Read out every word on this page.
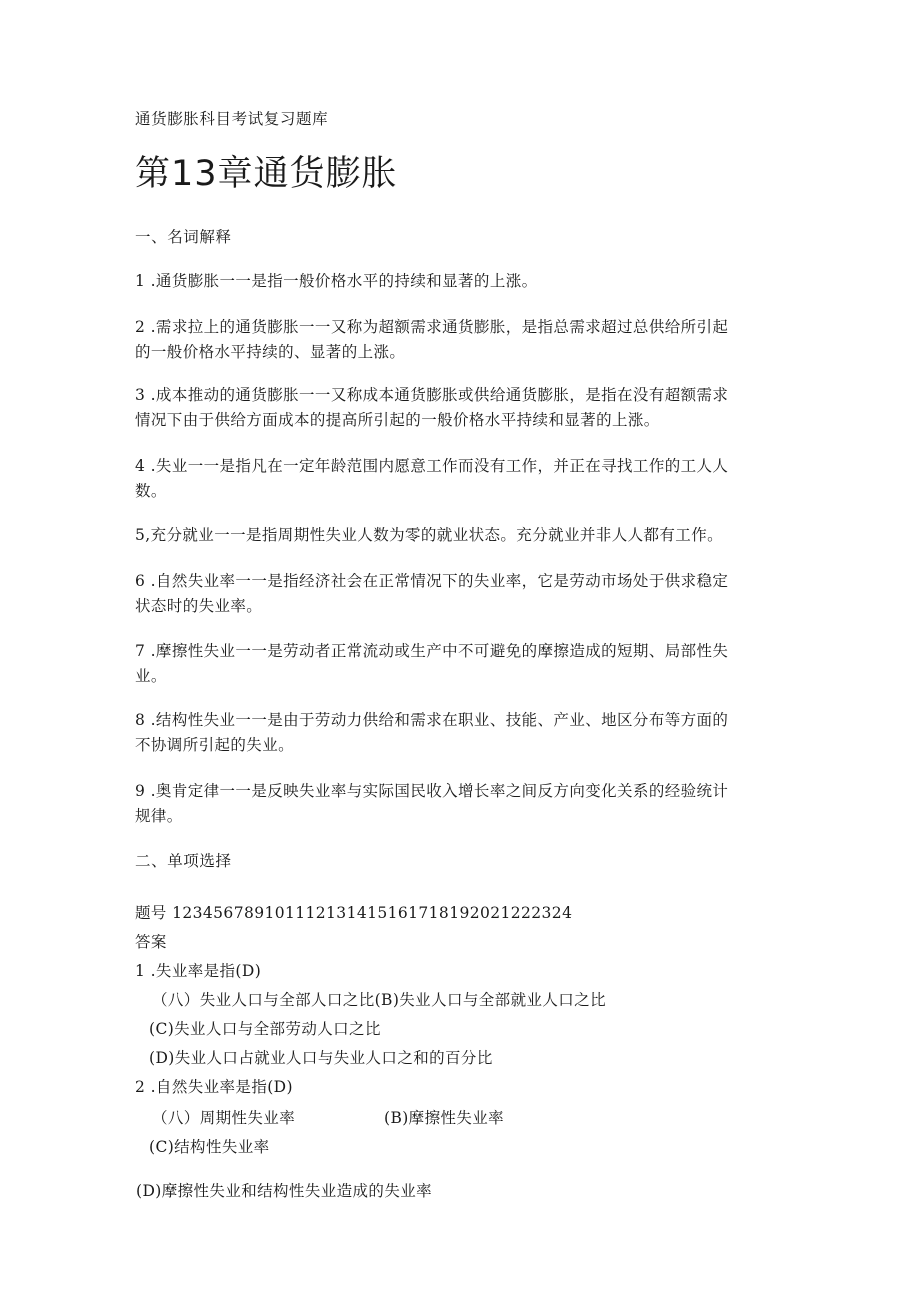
通货膨胀科目考试复习题库
第13章通货膨胀
一、名词解释
1 .通货膨胀一一是指一般价格水平的持续和显著的上涨。
2 .需求拉上的通货膨胀一一又称为超额需求通货膨胀，是指总需求超过总供给所引起
的一般价格水平持续的、显著的上涨。
3 .成本推动的通货膨胀一一又称成本通货膨胀或供给通货膨胀，是指在没有超额需求
情况下由于供给方面成本的提高所引起的一般价格水平持续和显著的上涨。
4 .失业一一是指凡在一定年龄范围内愿意工作而没有工作，并正在寻找工作的工人人
数。
5,充分就业一一是指周期性失业人数为零的就业状态。充分就业并非人人都有工作。
6 .自然失业率一一是指经济社会在正常情况下的失业率，它是劳动市场处于供求稳定
状态时的失业率。
7 .摩擦性失业一一是劳动者正常流动或生产中不可避免的摩擦造成的短期、局部性失
业。
8 .结构性失业一一是由于劳动力供给和需求在职业、技能、产业、地区分布等方面的
不协调所引起的失业。
9 .奥肯定律一一是反映失业率与实际国民收入增长率之间反方向变化关系的经验统计
规律。
二、单项选择
题号 123456789101112131415161718192021222324
答案
1 .失业率是指(D)
（八）失业人口与全部人口之比(B)失业人口与全部就业人口之比
(C)失业人口与全部劳动人口之比
(D)失业人口占就业人口与失业人口之和的百分比
2 .自然失业率是指(D)
（八）周期性失业率	(B)摩擦性失业率
(C)结构性失业率
(D)摩擦性失业和结构性失业造成的失业率
